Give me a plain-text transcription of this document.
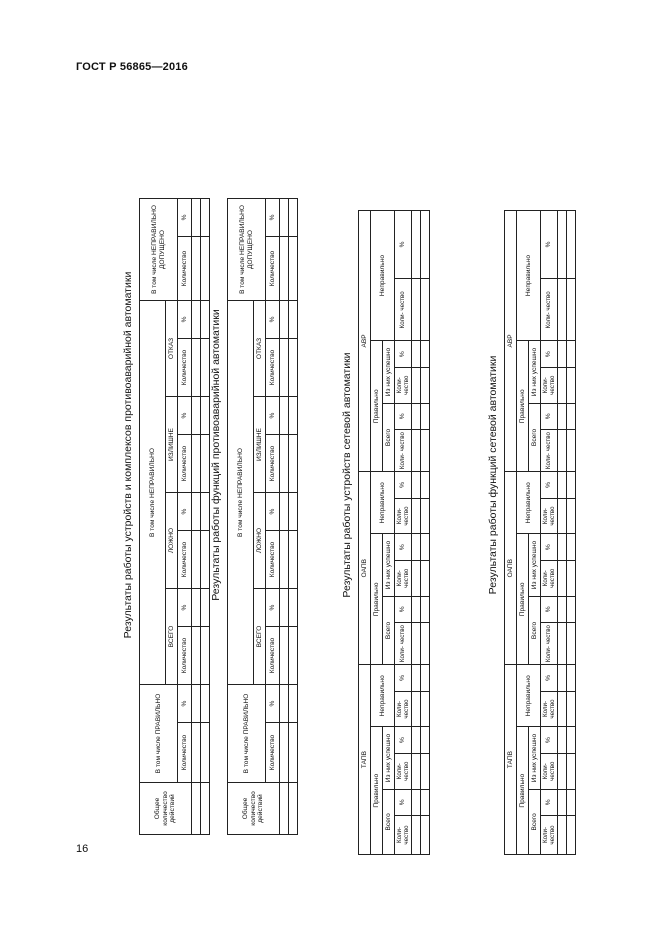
ГОСТ Р 56865—2016
16
Результаты работы устройств и комплексов противоаварийной автоматики
Общее количество действий	В том числе ПРАВИЛЬНО		В том числе НЕПРАВИЛЬНО								В том числе НЕПРАВИЛЬНО ДОПУЩЕНО		
			ВСЕГО		ЛОЖНО		ИЗЛИШНЕ		ОТКАЗ				
	Количество	%	Количество	%	Количество	%	Количество	%	Количество	%	Количество	%	

Результаты работы функций противоаварийной автоматики
Общее количество действий	В том числе ПРАВИЛЬНО		В том числе НЕПРАВИЛЬНО								В том числе НЕПРАВИЛЬНО ДОПУЩЕНО		
			ВСЕГО		ЛОЖНО		ИЗЛИШНЕ		ОТКАЗ				
	Количество	%	Количество	%	Количество	%	Количество	%	Количество	%	Количество	%	

Результаты работы устройств сетевой автоматики
ТАПВ						ОАПВ						АВР						
Правильно				Неправильно		Правильно				Неправильно		Правильно				Неправильно		
Всего		Из них успешно				Всего		Из них успешно				Всего		Из них успешно				
Коли- чество	%	Коли- чество	%	Коли- чество	%	Коли- чество	%	Коли- чество	%	Коли- чество	%	Коли- чество	%	Коли- чество	%	Коли- чество	%	

Результаты работы функций сетевой автоматики
ТАПВ						ОАПВ						АВР						
Правильно				Неправильно		Правильно				Неправильно		Правильно				Неправильно		
Всего		Из них успешно				Всего		Из них успешно				Всего		Из них успешно				
Коли- чество	%	Коли- чество	%	Коли- чество	%	Коли- чество	%	Коли- чество	%	Коли- чество	%	Коли- чество	%	Коли- чество	%	Коли- чество	%	
